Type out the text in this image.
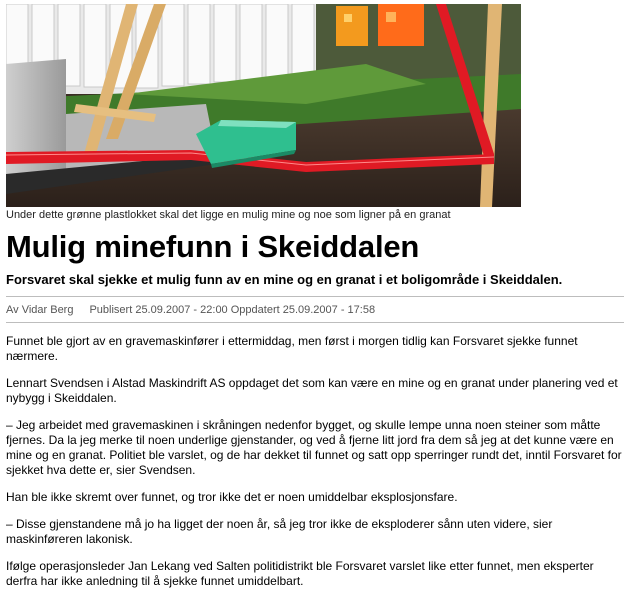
Under dette grønne plastlokket skal det ligge en mulig mine og noe som ligner på en granat
Mulig minefunn i Skeiddalen

Forsvaret skal sjekke et mulig funn av en mine og en granat i et boligområde i Skeiddalen.

Av Vidar Berg Publisert 25.09.2007 - 22:00 Oppdatert 25.09.2007 - 17:58

Funnet ble gjort av en gravemaskinfører i ettermiddag, men først i morgen tidlig kan Forsvaret sjekke funnet nærmere.

Lennart Svendsen i Alstad Maskindrift AS oppdaget det som kan være en mine og en granat under planering ved et nybygg i Skeiddalen.

– Jeg arbeidet med gravemaskinen i skråningen nedenfor bygget, og skulle lempe unna noen steiner som måtte fjernes. Da la jeg merke til noen underlige gjenstander, og ved å fjerne litt jord fra dem så jeg at det kunne være en mine og en granat. Politiet ble varslet, og de har dekket til funnet og satt opp sperringer rundt det, inntil Forsvaret for sjekket hva dette er, sier Svendsen.

Han ble ikke skremt over funnet, og tror ikke det er noen umiddelbar eksplosjonsfare.

– Disse gjenstandene må jo ha ligget der noen år, så jeg tror ikke de eksploderer sånn uten videre, sier maskinføreren lakonisk.

Ifølge operasjonsleder Jan Lekang ved Salten politidistrikt ble Forsvaret varslet like etter funnet, men eksperter derfra har ikke anledning til å sjekke funnet umiddelbart.
